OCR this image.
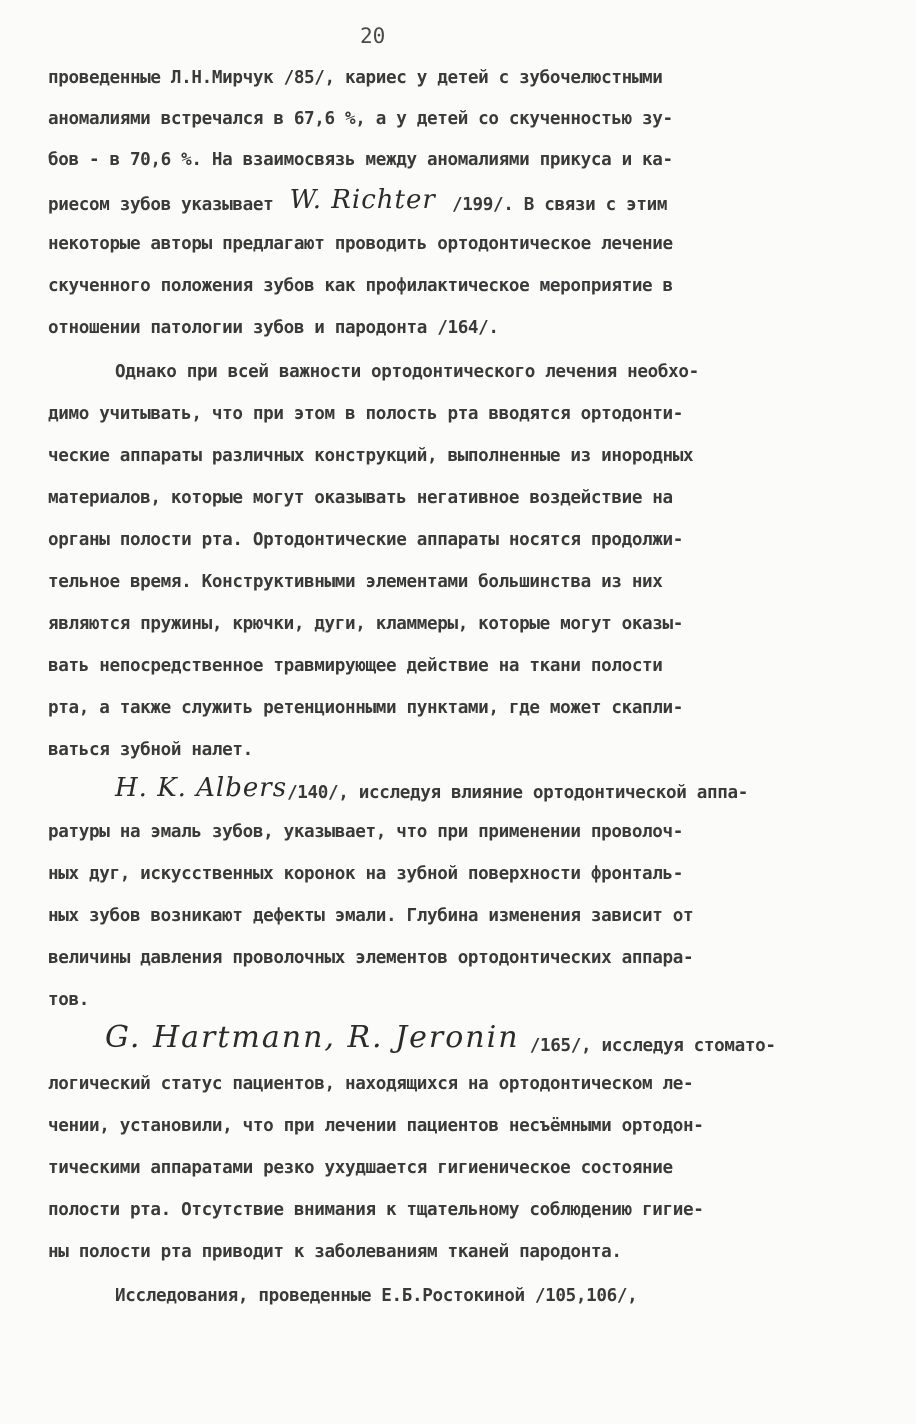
20
проведенные Л.Н.Мирчук /85/, кариес у детей с зубочелюстными
аномалиями встречался в 67,6 %, а у детей со скученностью зу-
бов - в 70,6 %. На взаимосвязь между аномалиями прикуса и ка-
риесом зубов указывает W. Richter /199/. В связи с этим
некоторые авторы предлагают проводить ортодонтическое лечение
скученного положения зубов как профилактическое мероприятие в
отношении патологии зубов и пародонта /164/.
Однако при всей важности ортодонтического лечения необхо-
димо учитывать, что при этом в полость рта вводятся ортодонти-
ческие аппараты различных конструкций, выполненные из инородных
материалов, которые могут оказывать негативное воздействие на
органы полости рта. Ортодонтические аппараты носятся продолжи-
тельное время. Конструктивными элементами большинства из них
являются пружины, крючки, дуги, кламмеры, которые могут оказы-
вать непосредственное травмирующее действие на ткани полости
рта, а также служить ретенционными пунктами, где может скапли-
ваться зубной налет.
H. K. Albers/140/, исследуя влияние ортодонтической аппа-
ратуры на эмаль зубов, указывает, что при применении проволоч-
ных дуг, искусственных коронок на зубной поверхности фронталь-
ных зубов возникают дефекты эмали. Глубина изменения зависит от
величины давления проволочных элементов ортодонтических аппара-
тов.
G. Hartmann, R. Jeronin /165/, исследуя стомато-
логический статус пациентов, находящихся на ортодонтическом ле-
чении, установили, что при лечении пациентов несъёмными ортодон-
тическими аппаратами резко ухудшается гигиеническое состояние
полости рта. Отсутствие внимания к тщательному соблюдению гигие-
ны полости рта приводит к заболеваниям тканей пародонта.
Исследования, проведенные Е.Б.Ростокиной /105,106/,
